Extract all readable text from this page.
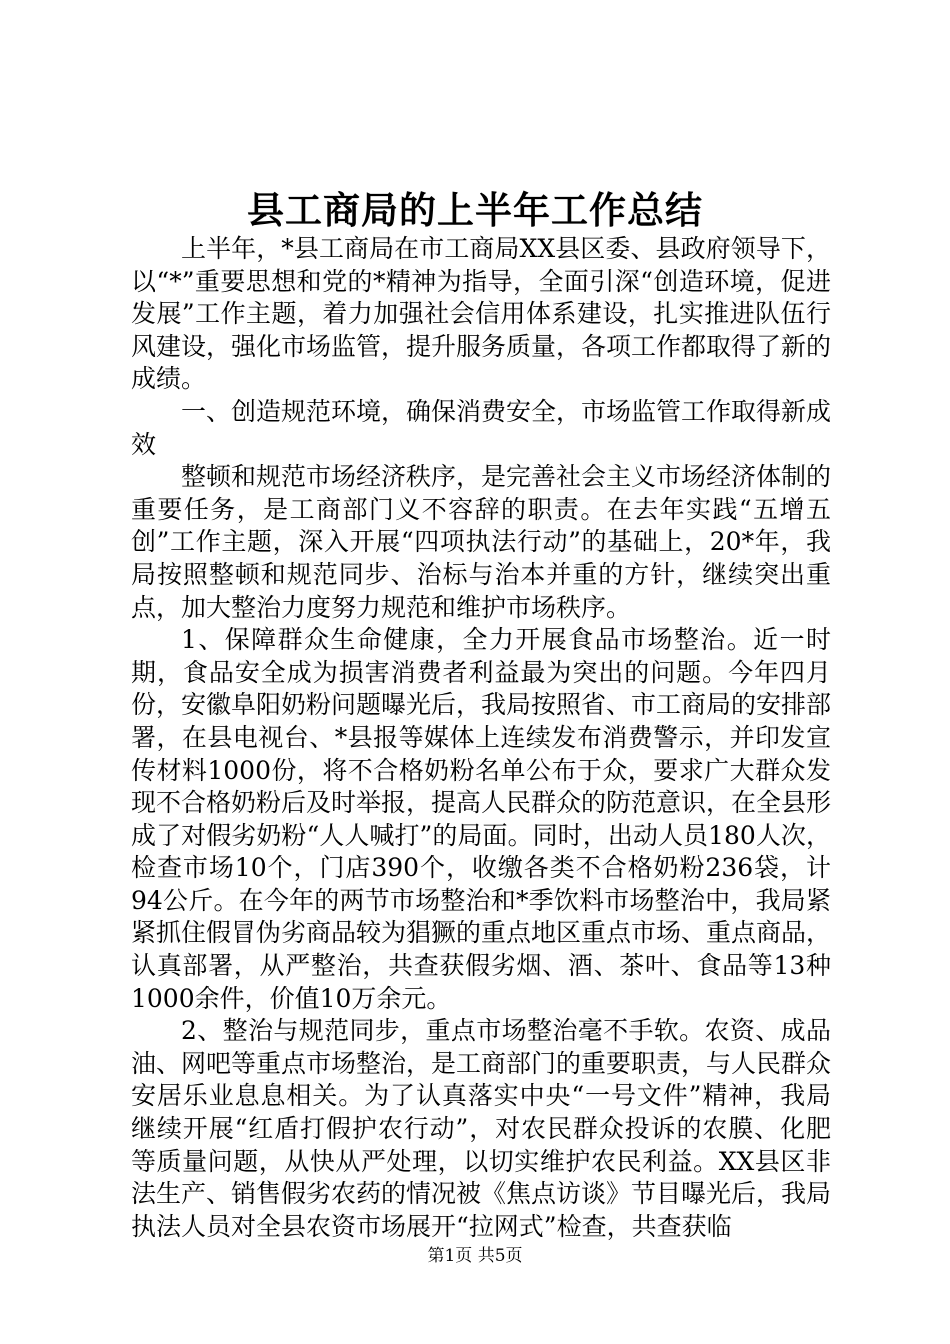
县工商局的上半年工作总结

上半年，*县工商局在市工商局XX县区委、县政府领导下，以“*”重要思想和党的*精神为指导，全面引深“创造环境，促进发展”工作主题，着力加强社会信用体系建设，扎实推进队伍行风建设，强化市场监管，提升服务质量，各项工作都取得了新的成绩。

一、创造规范环境，确保消费安全，市场监管工作取得新成效

整顿和规范市场经济秩序，是完善社会主义市场经济体制的重要任务，是工商部门义不容辞的职责。在去年实践“五增五创”工作主题，深入开展“四项执法行动”的基础上，20*年，我局按照整顿和规范同步、治标与治本并重的方针，继续突出重点，加大整治力度努力规范和维护市场秩序。

1、保障群众生命健康，全力开展食品市场整治。近一时期，食品安全成为损害消费者利益最为突出的问题。今年四月份，安徽阜阳奶粉问题曝光后，我局按照省、市工商局的安排部署，在县电视台、*县报等媒体上连续发布消费警示，并印发宣传材料1000份，将不合格奶粉名单公布于众，要求广大群众发现不合格奶粉后及时举报，提高人民群众的防范意识，在全县形成了对假劣奶粉“人人喊打”的局面。同时，出动人员180人次，检查市场10个，门店390个，收缴各类不合格奶粉236袋，计94公斤。在今年的两节市场整治和*季饮料市场整治中，我局紧紧抓住假冒伪劣商品较为猖獗的重点地区重点市场、重点商品，认真部署，从严整治，共查获假劣烟、酒、茶叶、食品等13种1000余件，价值10万余元。

2、整治与规范同步，重点市场整治毫不手软。农资、成品油、网吧等重点市场整治，是工商部门的重要职责，与人民群众安居乐业息息相关。为了认真落实中央“一号文件”精神，我局继续开展“红盾打假护农行动”，对农民群众投诉的农膜、化肥等质量问题，从快从严处理，以切实维护农民利益。XX县区非法生产、销售假劣农药的情况被《焦点访谈》节目曝光后，我局执法人员对全县农资市场展开“拉网式”检查，共查获临

第1页 共5页
